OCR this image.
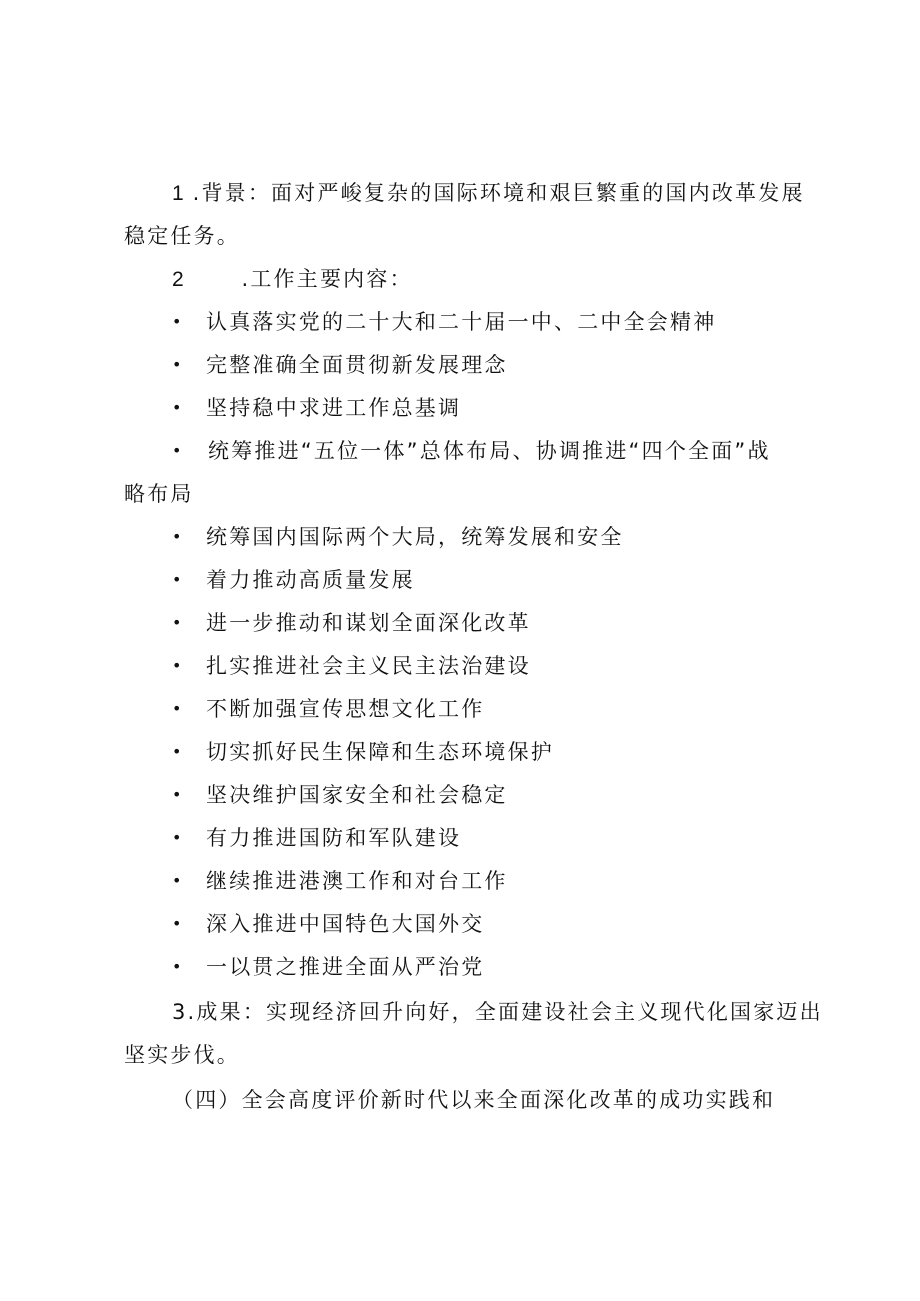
1 .背景：面对严峻复杂的国际环境和艰巨繁重的国内改革发展
稳定任务。
2	.工作主要内容：
• 认真落实党的二十大和二十届一中、二中全会精神
• 完整准确全面贯彻新发展理念
• 坚持稳中求进工作总基调
• 统筹推进“五位一体”总体布局、协调推进“四个全面”战
略布局
• 统筹国内国际两个大局，统筹发展和安全
• 着力推动高质量发展
• 进一步推动和谋划全面深化改革
• 扎实推进社会主义民主法治建设
• 不断加强宣传思想文化工作
• 切实抓好民生保障和生态环境保护
• 坚决维护国家安全和社会稳定
• 有力推进国防和军队建设
• 继续推进港澳工作和对台工作
• 深入推进中国特色大国外交
• 一以贯之推进全面从严治党
3.成果：实现经济回升向好，全面建设社会主义现代化国家迈出
坚实步伐。
（四）全会高度评价新时代以来全面深化改革的成功实践和
